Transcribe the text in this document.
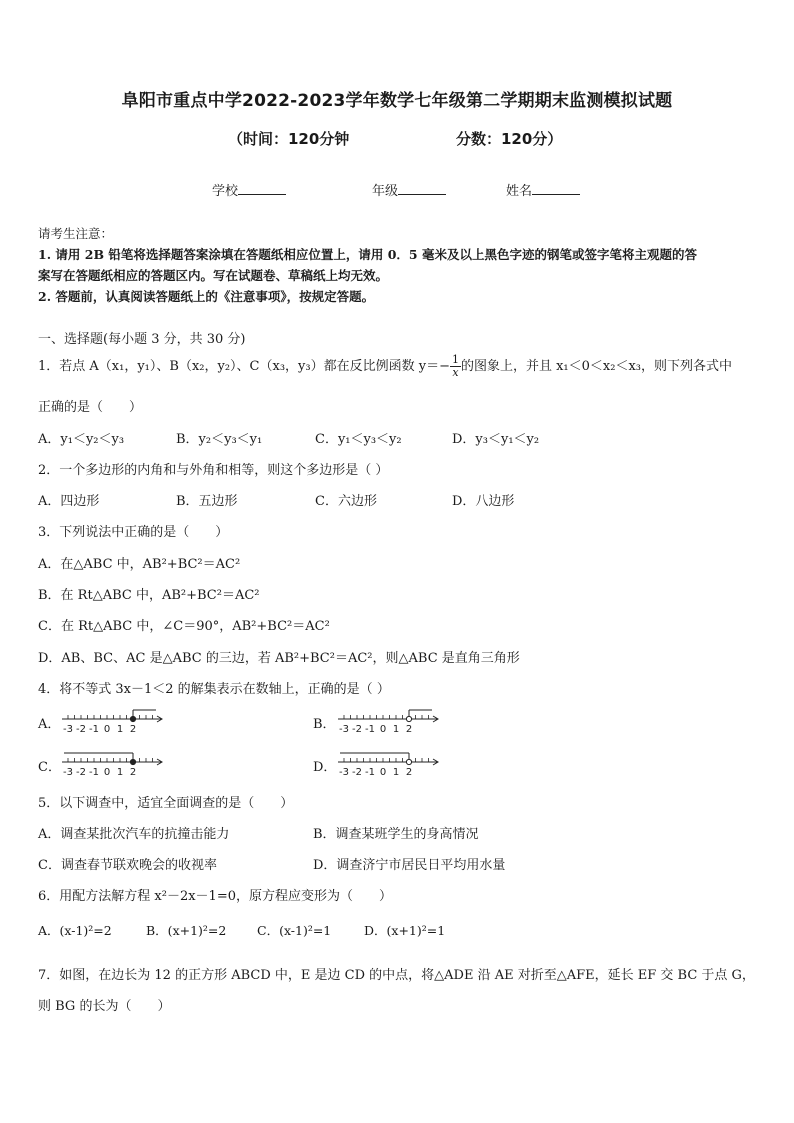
阜阳市重点中学2022-2023学年数学七年级第二学期期末监测模拟试题
（时间：120分钟	分数：120分）
学校	年级	姓名
请考生注意：
1. 请用 2B 铅笔将选择题答案涂填在答题纸相应位置上，请用 0．5 毫米及以上黑色字迹的钢笔或签字笔将主观题的答
案写在答题纸相应的答题区内。写在试题卷、草稿纸上均无效。
2. 答题前，认真阅读答题纸上的《注意事项》，按规定答题。
一、选择题(每小题 3 分，共 30 分)
1．若点 A（x₁，y₁）、B（x₂，y₂）、C（x₃，y₃）都在反比例函数 $y=- \frac{1}{x}$ 的图象上，并且 x₁＜0＜x₂＜x₃，则下列各式中
正确的是（　　）
A．y₁＜y₂＜y₃	B．y₂＜y₃＜y₁	C．y₁＜y₃＜y₂	D．y₃＜y₁＜y₂
2．一个多边形的内角和与外角和相等，则这个多边形是（ ）
A．四边形	B．五边形	C．六边形	D．八边形
3．下列说法中正确的是（　　）
A．在△ABC 中，AB²+BC²＝AC²
B．在 Rt△ABC 中，AB²+BC²＝AC²
C．在 Rt△ABC 中，∠C＝90°，AB²+BC²＝AC²
D．AB、BC、AC 是△ABC 的三边，若 AB²+BC²＝AC²，则△ABC 是直角三角形
4．将不等式 3x－1＜2 的解集表示在数轴上，正确的是（ ）
A．	B．
C．	D．
-3 -2 -1 0 1 2	-3 -2 -1 0 1 2
-3 -2 -1 0 1 2	-3 -2 -1 0 1 2
5．以下调查中，适宜全面调查的是（　　）
A．调查某批次汽车的抗撞击能力	B．调查某班学生的身高情况
C．调查春节联欢晚会的收视率	D．调查济宁市居民日平均用水量
6．用配方法解方程 x²－2x－1=0，原方程应变形为（　　）
A．(x-1)²=2	B．(x+1)²=2 C．(x-1)²=1	D．(x+1)²=1
7．如图，在边长为 12 的正方形 ABCD 中，E 是边 CD 的中点，将△ADE 沿 AE 对折至△AFE，延长 EF 交 BC 于点 G，
则 BG 的长为（　　）
